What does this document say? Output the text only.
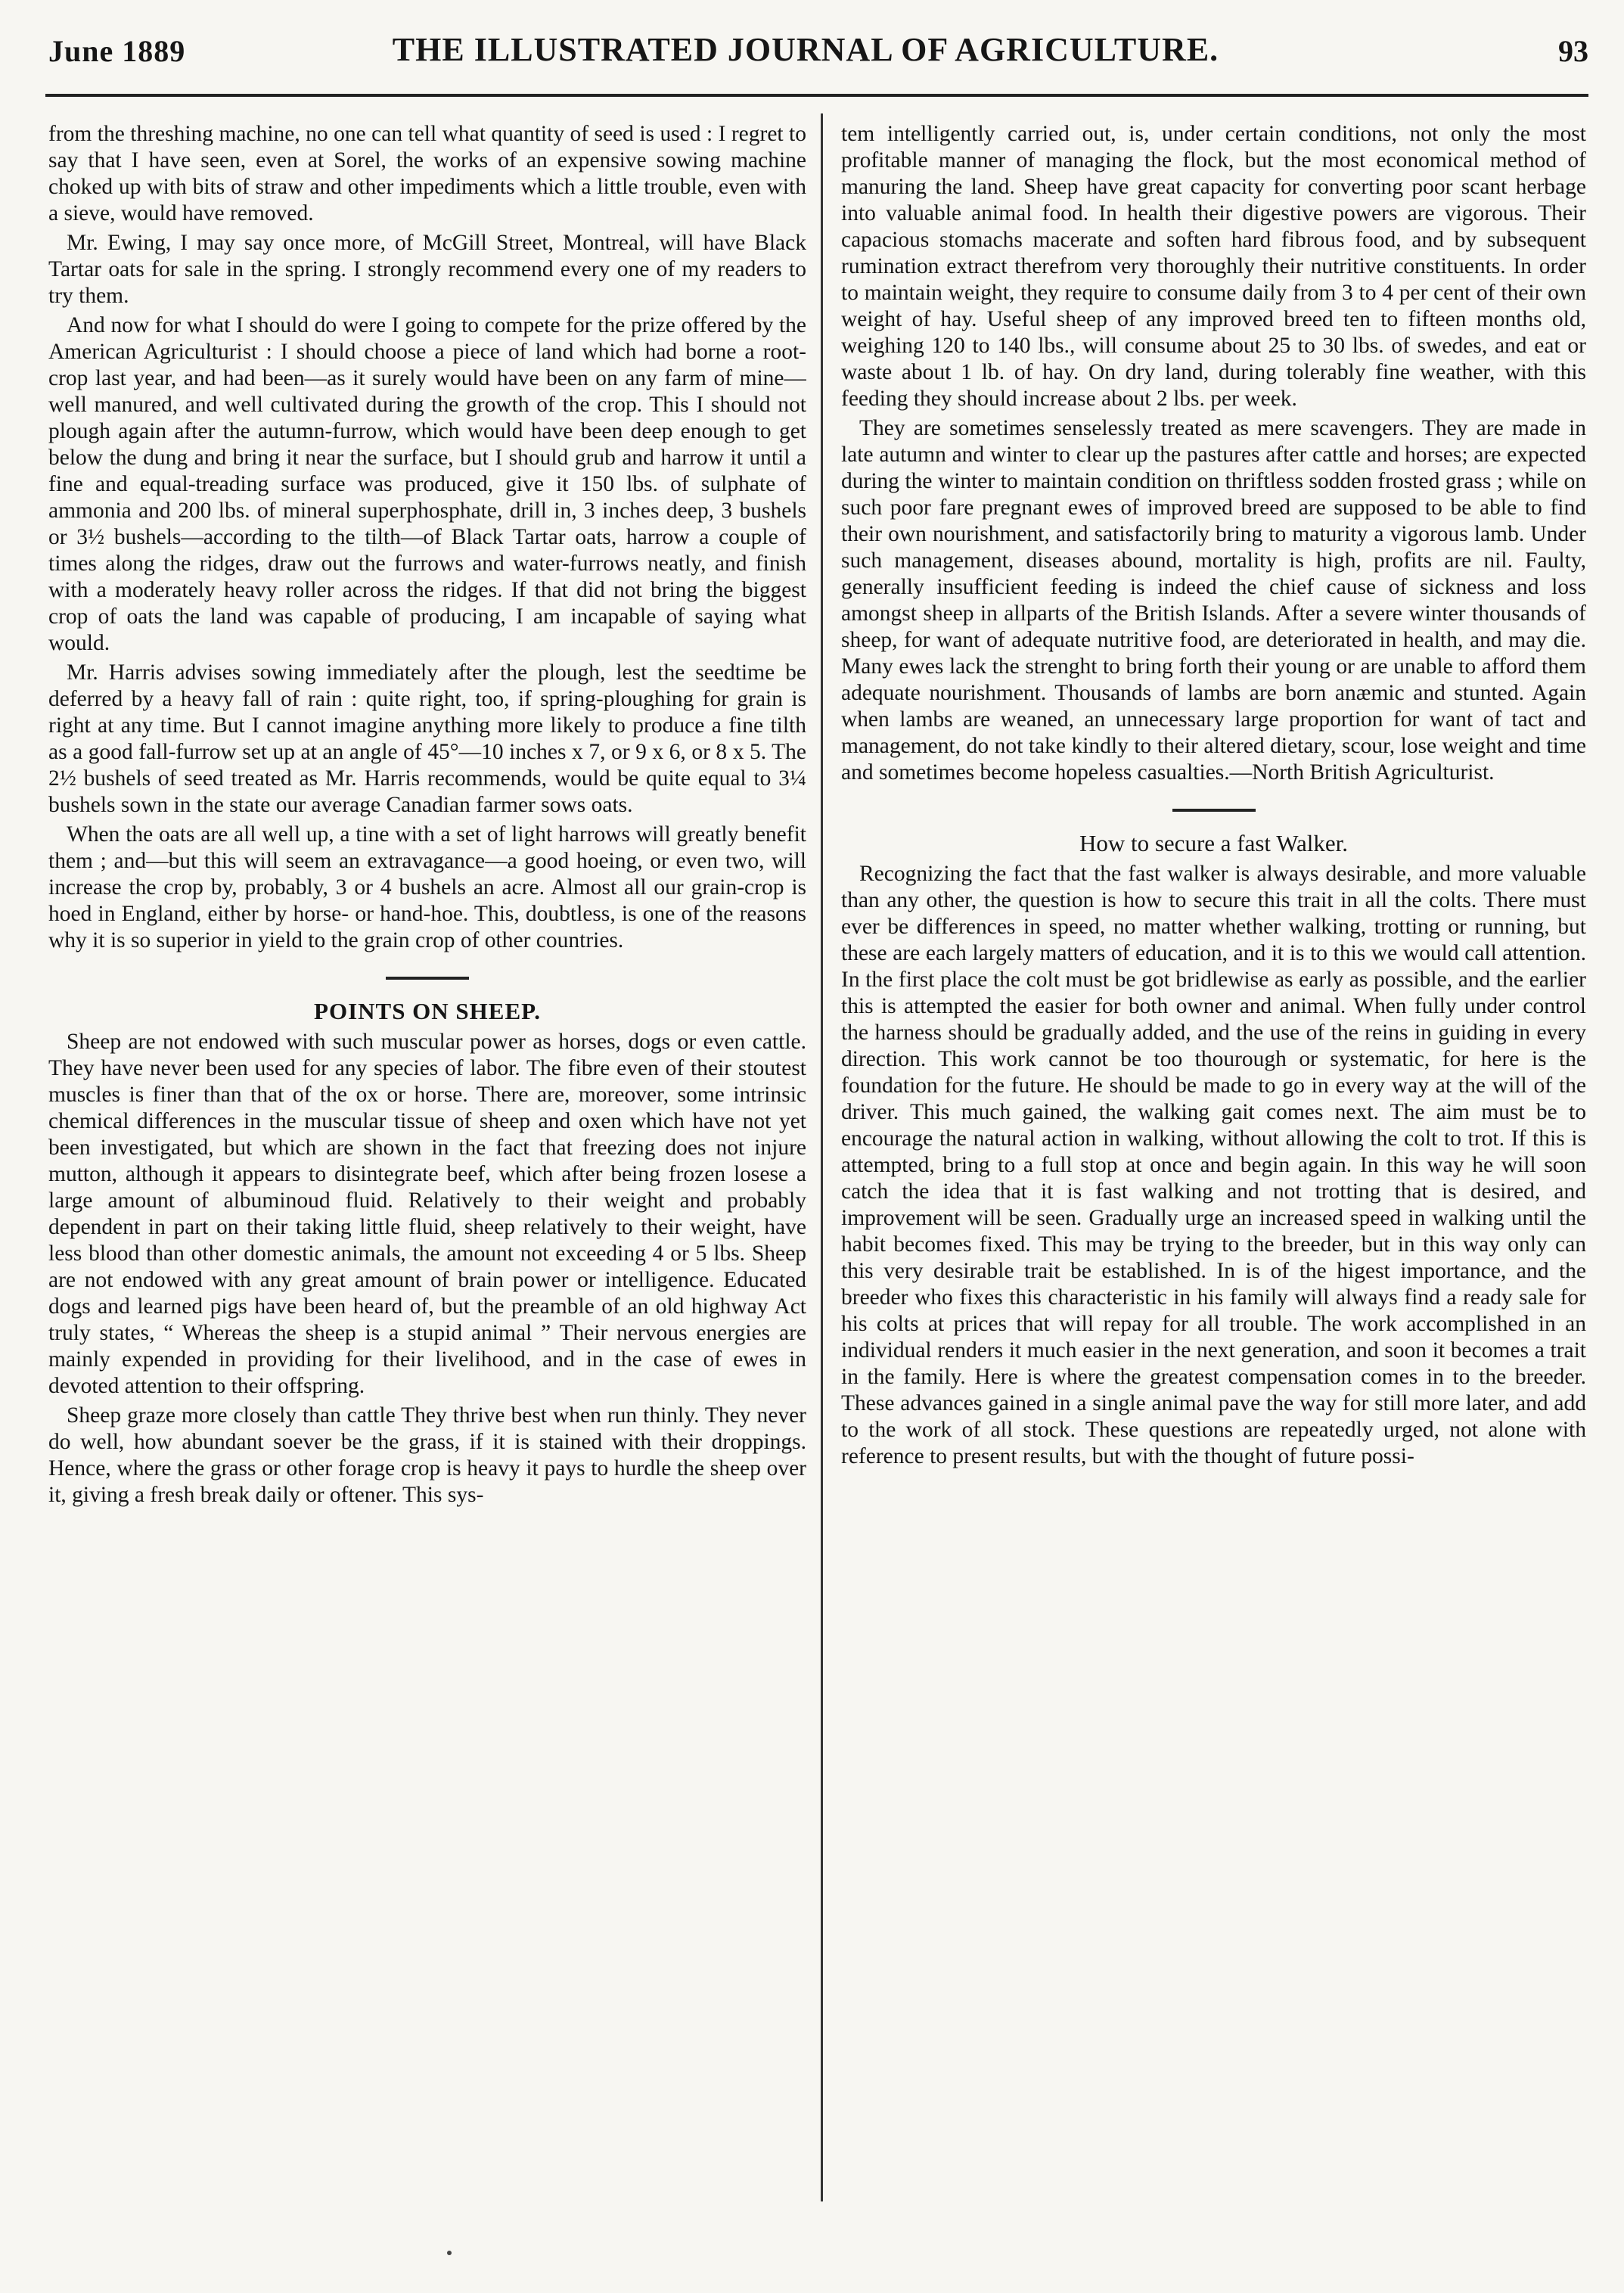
June 1889	THE ILLUSTRATED JOURNAL OF AGRICULTURE.	93

from the threshing machine, no one can tell what quantity of seed is used : I regret to say that I have seen, even at Sorel, the works of an expensive sowing machine choked up with bits of straw and other impediments which a little trouble, even with a sieve, would have removed.

Mr. Ewing, I may say once more, of McGill Street, Montreal, will have Black Tartar oats for sale in the spring. I strongly recommend every one of my readers to try them.

And now for what I should do were I going to compete for the prize offered by the American Agriculturist : I should choose a piece of land which had borne a root-crop last year, and had been—as it surely would have been on any farm of mine—well manured, and well cultivated during the growth of the crop. This I should not plough again after the autumn-furrow, which would have been deep enough to get below the dung and bring it near the surface, but I should grub and harrow it until a fine and equal-treading surface was produced, give it 150 lbs. of sulphate of ammonia and 200 lbs. of mineral superphosphate, drill in, 3 inches deep, 3 bushels or 3½ bushels—according to the tilth—of Black Tartar oats, harrow a couple of times along the ridges, draw out the furrows and water-furrows neatly, and finish with a moderately heavy roller across the ridges. If that did not bring the biggest crop of oats the land was capable of producing, I am incapable of saying what would.

Mr. Harris advises sowing immediately after the plough, lest the seedtime be deferred by a heavy fall of rain : quite right, too, if spring-ploughing for grain is right at any time. But I cannot imagine anything more likely to produce a fine tilth as a good fall-furrow set up at an angle of 45°—10 inches x 7, or 9 x 6, or 8 x 5. The 2½ bushels of seed treated as Mr. Harris recommends, would be quite equal to 3¼ bushels sown in the state our average Canadian farmer sows oats.

When the oats are all well up, a tine with a set of light harrows will greatly benefit them ; and—but this will seem an extravagance—a good hoeing, or even two, will increase the crop by, probably, 3 or 4 bushels an acre. Almost all our grain-crop is hoed in England, either by horse- or hand-hoe. This, doubtless, is one of the reasons why it is so superior in yield to the grain crop of other countries.

POINTS ON SHEEP.

Sheep are not endowed with such muscular power as horses, dogs or even cattle. They have never been used for any species of labor. The fibre even of their stoutest muscles is finer than that of the ox or horse. There are, moreover, some intrinsic chemical differences in the muscular tissue of sheep and oxen which have not yet been investigated, but which are shown in the fact that freezing does not injure mutton, although it appears to disintegrate beef, which after being frozen losese a large amount of albuminoud fluid. Relatively to their weight and probably dependent in part on their taking little fluid, sheep relatively to their weight, have less blood than other domestic animals, the amount not exceeding 4 or 5 lbs. Sheep are not endowed with any great amount of brain power or intelligence. Educated dogs and learned pigs have been heard of, but the preamble of an old highway Act truly states, “ Whereas the sheep is a stupid animal ” Their nervous energies are mainly expended in providing for their livelihood, and in the case of ewes in devoted attention to their offspring.

Sheep graze more closely than cattle They thrive best when run thinly. They never do well, how abundant soever be the grass, if it is stained with their droppings. Hence, where the grass or other forage crop is heavy it pays to hurdle the sheep over it, giving a fresh break daily or oftener. This sys-

tem intelligently carried out, is, under certain conditions, not only the most profitable manner of managing the flock, but the most economical method of manuring the land. Sheep have great capacity for converting poor scant herbage into valuable animal food. In health their digestive powers are vigorous. Their capacious stomachs macerate and soften hard fibrous food, and by subsequent rumination extract therefrom very thoroughly their nutritive constituents. In order to maintain weight, they require to consume daily from 3 to 4 per cent of their own weight of hay. Useful sheep of any improved breed ten to fifteen months old, weighing 120 to 140 lbs., will consume about 25 to 30 lbs. of swedes, and eat or waste about 1 lb. of hay. On dry land, during tolerably fine weather, with this feeding they should increase about 2 lbs. per week.

They are sometimes senselessly treated as mere scavengers. They are made in late autumn and winter to clear up the pastures after cattle and horses; are expected during the winter to maintain condition on thriftless sodden frosted grass ; while on such poor fare pregnant ewes of improved breed are supposed to be able to find their own nourishment, and satisfactorily bring to maturity a vigorous lamb. Under such management, diseases abound, mortality is high, profits are nil. Faulty, generally insufficient feeding is indeed the chief cause of sickness and loss amongst sheep in allparts of the British Islands. After a severe winter thousands of sheep, for want of adequate nutritive food, are deteriorated in health, and may die. Many ewes lack the strenght to bring forth their young or are unable to afford them adequate nourishment. Thousands of lambs are born anæmic and stunted. Again when lambs are weaned, an unnecessary large proportion for want of tact and management, do not take kindly to their altered dietary, scour, lose weight and time and sometimes become hopeless casualties.—North British Agriculturist.

How to secure a fast Walker.

Recognizing the fact that the fast walker is always desirable, and more valuable than any other, the question is how to secure this trait in all the colts. There must ever be differences in speed, no matter whether walking, trotting or running, but these are each largely matters of education, and it is to this we would call attention. In the first place the colt must be got bridlewise as early as possible, and the earlier this is attempted the easier for both owner and animal. When fully under control the harness should be gradually added, and the use of the reins in guiding in every direction. This work cannot be too thourough or systematic, for here is the foundation for the future. He should be made to go in every way at the will of the driver. This much gained, the walking gait comes next. The aim must be to encourage the natural action in walking, without allowing the colt to trot. If this is attempted, bring to a full stop at once and begin again. In this way he will soon catch the idea that it is fast walking and not trotting that is desired, and improvement will be seen. Gradually urge an increased speed in walking until the habit becomes fixed. This may be trying to the breeder, but in this way only can this very desirable trait be established. In is of the higest importance, and the breeder who fixes this characteristic in his family will always find a ready sale for his colts at prices that will repay for all trouble. The work accomplished in an individual renders it much easier in the next generation, and soon it becomes a trait in the family. Here is where the greatest compensation comes in to the breeder. These advances gained in a single animal pave the way for still more later, and add to the work of all stock. These questions are repeatedly urged, not alone with reference to present results, but with the thought of future possi-
